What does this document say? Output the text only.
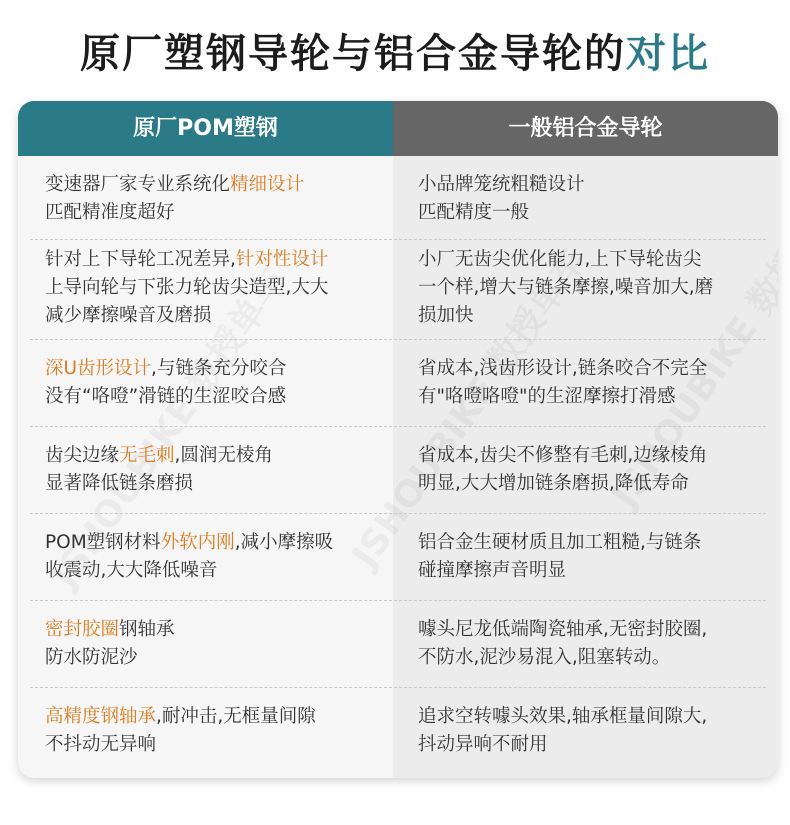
原厂塑钢导轮与铝合金导轮的对比
原厂POM塑钢	一般铝合金导轮
变速器厂家专业系统化精细设计
匹配精准度超好
小品牌笼统粗糙设计
匹配精度一般
针对上下导轮工况差异,针对性设计
上导向轮与下张力轮齿尖造型,大大
减少摩擦噪音及磨损
小厂无齿尖优化能力,上下导轮齿尖
一个样,增大与链条摩擦,噪音加大,磨
损加快
深U齿形设计,与链条充分咬合
没有“咯噔”滑链的生涩咬合感
省成本,浅齿形设计,链条咬合不完全
有"咯噔咯噔"的生涩摩擦打滑感
齿尖边缘无毛刺,圆润无棱角
显著降低链条磨损
省成本,齿尖不修整有毛刺,边缘棱角
明显,大大增加链条磨损,降低寿命
POM塑钢材料外软内刚,减小摩擦吸
收震动,大大降低噪音
铝合金生硬材质且加工粗糙,与链条
碰撞摩擦声音明显
密封胶圈钢轴承
防水防泥沙
噱头尼龙低端陶瓷轴承,无密封胶圈,
不防水,泥沙易混入,阻塞转动。
高精度钢轴承,耐冲击,无框量间隙
不抖动无异响
追求空转噱头效果,轴承框量间隙大,
抖动异响不耐用
